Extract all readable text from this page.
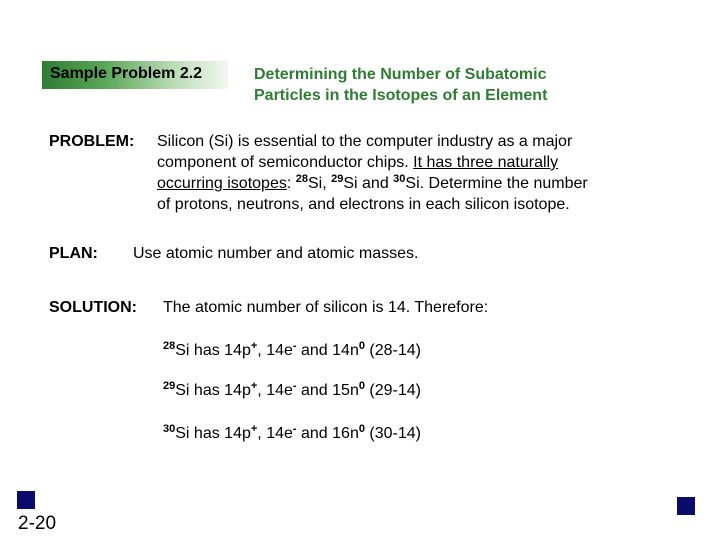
Sample Problem 2.2	Determining the Number of Subatomic
Particles in the Isotopes of an Element
PROBLEM: Silicon (Si) is essential to the computer industry as a major
component of semiconductor chips. It has three naturally
occurring isotopes: $^{28}$Si, $^{29}$Si and $^{30}$Si. Determine the number
of protons, neutrons, and electrons in each silicon isotope.
PLAN: Use atomic number and atomic masses.
SOLUTION: The atomic number of silicon is 14. Therefore:
$^{28}$Si has 14p+, 14e- and $14n^0$ (28-14)
$^{29}$Si has 14p+, 14e- and $15n^0$ (29-14)
$^{30}$Si has 14p+, 14e- and $16n^0$ (30-14)
2-20
